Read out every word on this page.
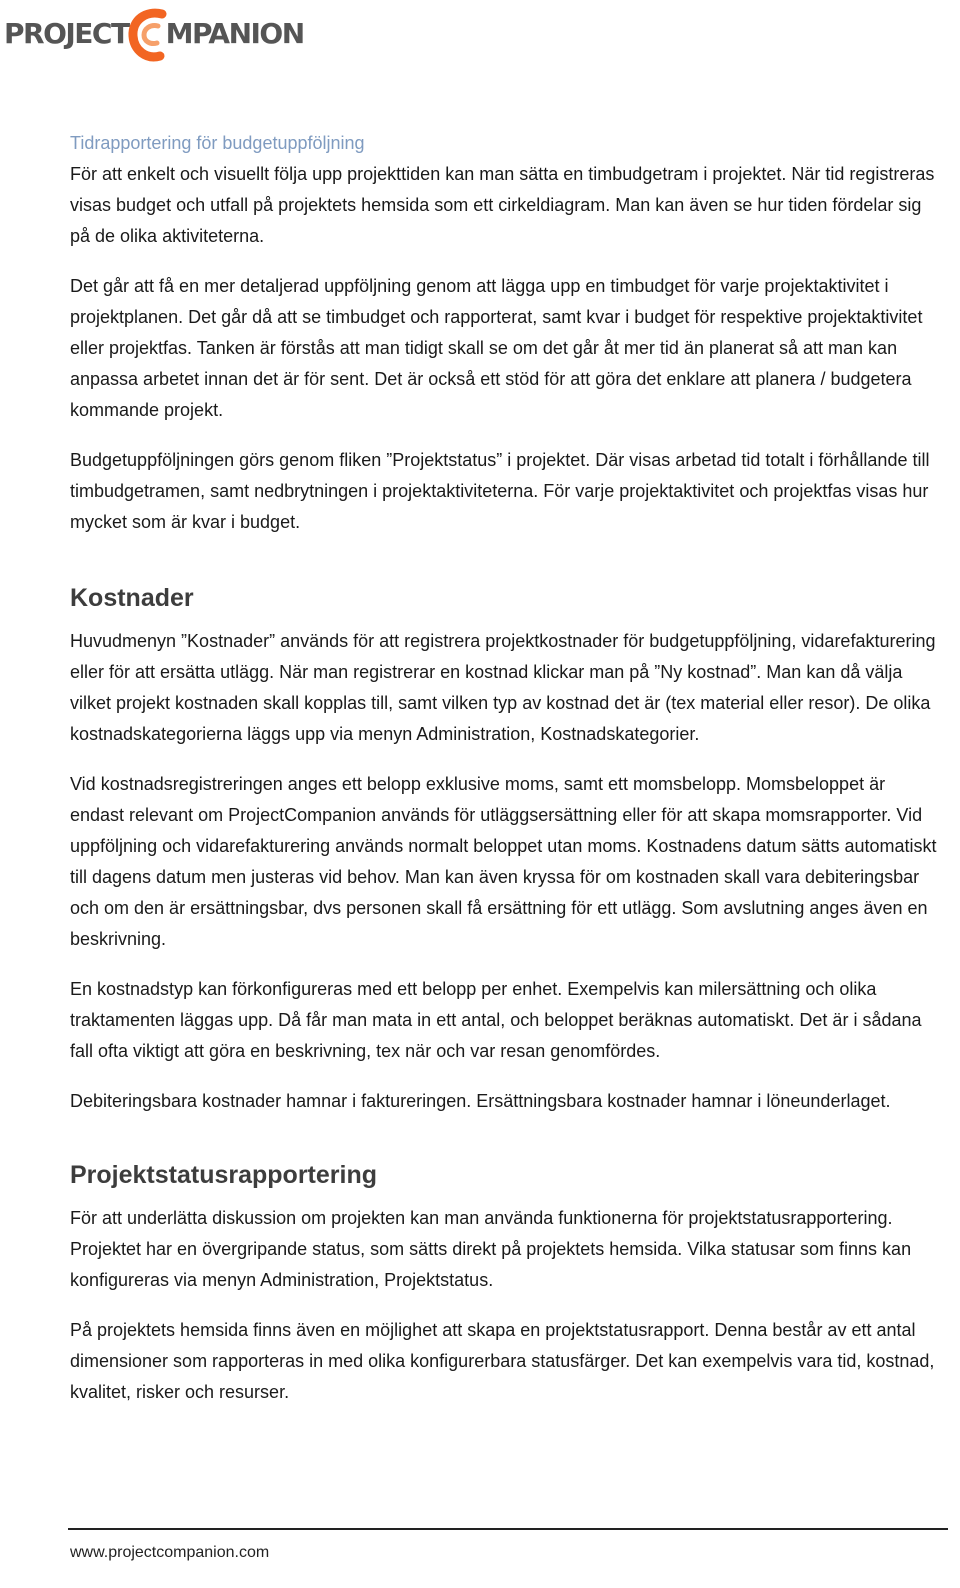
PROJECT MPANION
Tidrapportering för budgetuppföljning

För att enkelt och visuellt följa upp projekttiden kan man sätta en timbudgetram i projektet. När tid registreras visas budget och utfall på projektets hemsida som ett cirkeldiagram. Man kan även se hur tiden fördelar sig på de olika aktiviteterna.

Det går att få en mer detaljerad uppföljning genom att lägga upp en timbudget för varje projektaktivitet i projektplanen. Det går då att se timbudget och rapporterat, samt kvar i budget för respektive projektaktivitet eller projektfas. Tanken är förstås att man tidigt skall se om det går åt mer tid än planerat så att man kan anpassa arbetet innan det är för sent. Det är också ett stöd för att göra det enklare att planera / budgetera kommande projekt.

Budgetuppföljningen görs genom fliken ”Projektstatus” i projektet. Där visas arbetad tid totalt i förhållande till timbudgetramen, samt nedbrytningen i projektaktiviteterna. För varje projektaktivitet och projektfas visas hur mycket som är kvar i budget.

Kostnader

Huvudmenyn ”Kostnader” används för att registrera projektkostnader för budgetuppföljning, vidarefakturering eller för att ersätta utlägg. När man registrerar en kostnad klickar man på ”Ny kostnad”. Man kan då välja vilket projekt kostnaden skall kopplas till, samt vilken typ av kostnad det är (tex material eller resor). De olika kostnadskategorierna läggs upp via menyn Administration, Kostnadskategorier.

Vid kostnadsregistreringen anges ett belopp exklusive moms, samt ett momsbelopp. Momsbeloppet är endast relevant om ProjectCompanion används för utläggsersättning eller för att skapa momsrapporter. Vid uppföljning och vidarefakturering används normalt beloppet utan moms. Kostnadens datum sätts automatiskt till dagens datum men justeras vid behov. Man kan även kryssa för om kostnaden skall vara debiteringsbar och om den är ersättningsbar, dvs personen skall få ersättning för ett utlägg. Som avslutning anges även en beskrivning.

En kostnadstyp kan förkonfigureras med ett belopp per enhet. Exempelvis kan milersättning och olika traktamenten läggas upp. Då får man mata in ett antal, och beloppet beräknas automatiskt. Det är i sådana fall ofta viktigt att göra en beskrivning, tex när och var resan genomfördes.

Debiteringsbara kostnader hamnar i faktureringen. Ersättningsbara kostnader hamnar i löneunderlaget.

Projektstatusrapportering

För att underlätta diskussion om projekten kan man använda funktionerna för projektstatusrapportering. Projektet har en övergripande status, som sätts direkt på projektets hemsida. Vilka statusar som finns kan konfigureras via menyn Administration, Projektstatus.

På projektets hemsida finns även en möjlighet att skapa en projektstatusrapport. Denna består av ett antal dimensioner som rapporteras in med olika konfigurerbara statusfärger. Det kan exempelvis vara tid, kostnad, kvalitet, risker och resurser.

www.projectcompanion.com
